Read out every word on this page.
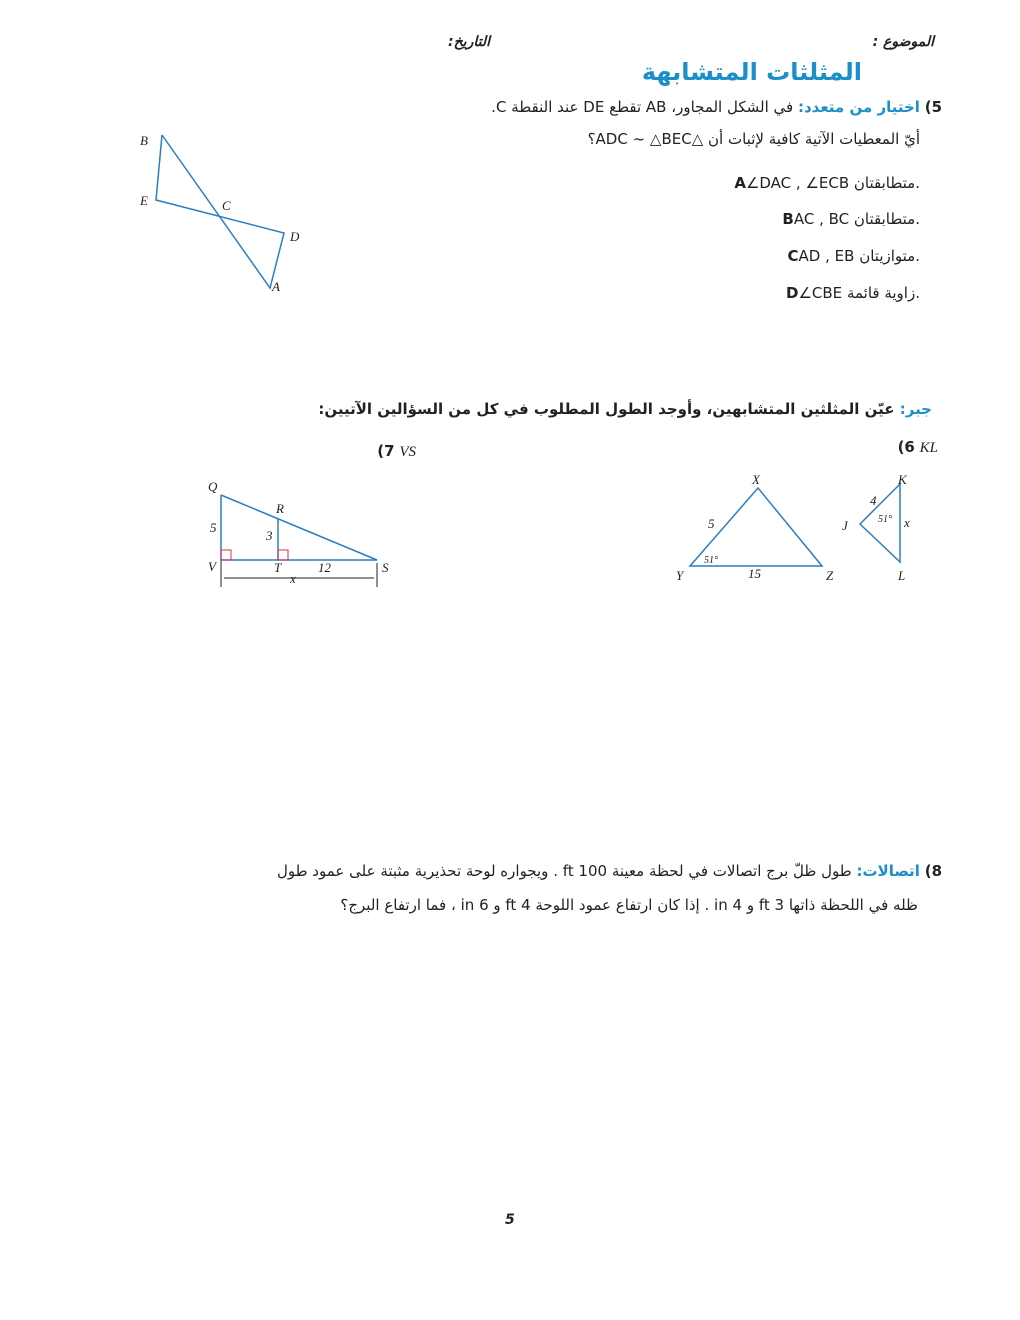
الموضوع :
التاريخ:
المثلثات المتشابهة
5) اختيار من متعدد: في الشكل المجاور، AB تقطع DE عند النقطة C.
أيّ المعطيات الآتية كافية لإثبات أن △ADC ~ △BEC؟
A∠DAC , ∠ECB متطابقتان.
BAC , BC متطابقتان.
CAD , EB متوازيتان.
D∠CBE زاوية قائمة.
B
E	C
D
A
جبر: عيّن المثلثين المتشابهين، وأوجد الطول المطلوب في كل من السؤالين الآتيين:
(6 KL
(7 VS
X
Y	Z
J
K
L
5
15
51°
4
51° x
Q
R
V	T	S
5
3
12
x
8) اتصالات: طول ظلّ برج اتصالات في لحظة معينة 100 ft . ويجواره لوحة تحذيرية مثبتة على عمود طول
ظله في اللحظة ذاتها 3 ft و 4 in . إذا كان ارتفاع عمود اللوحة 4 ft و 6 in ، فما ارتفاع البرج؟
5
